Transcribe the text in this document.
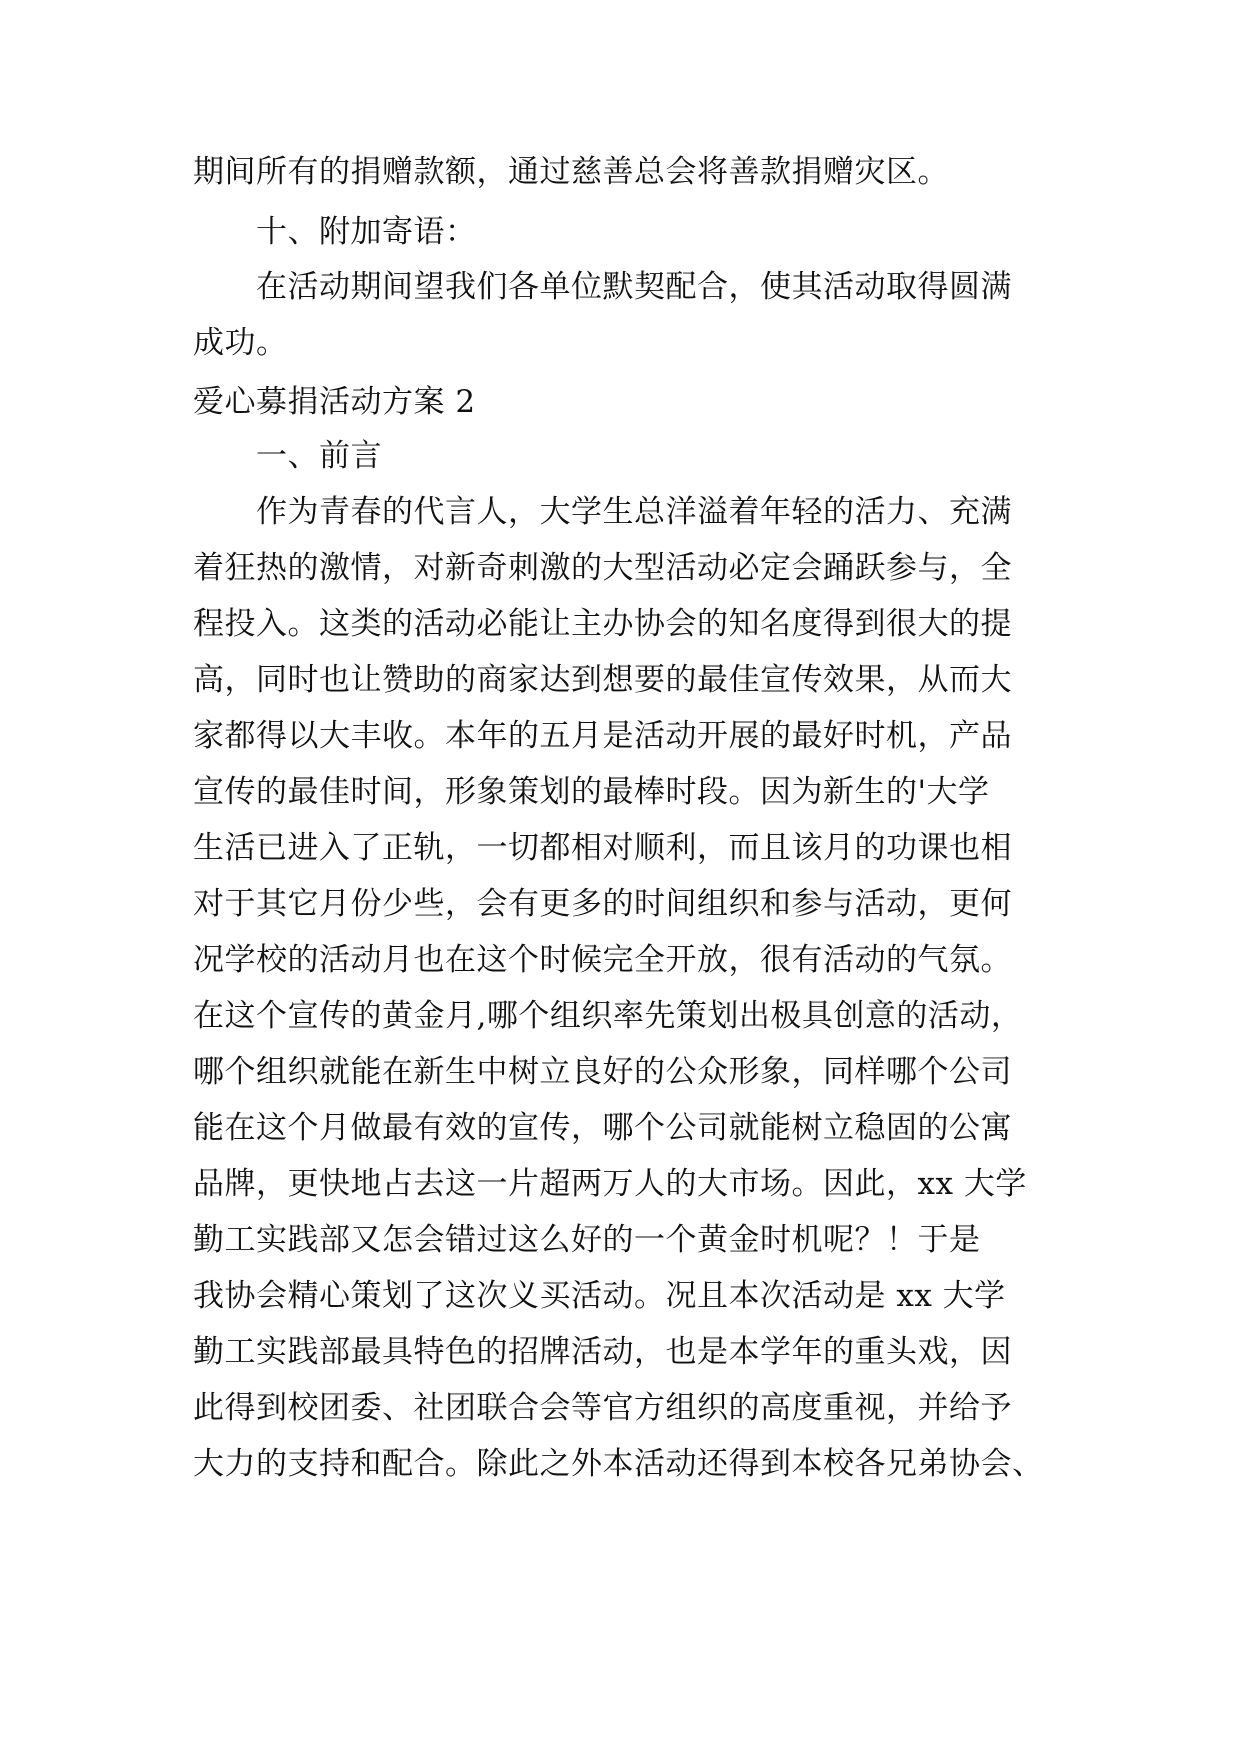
期间所有的捐赠款额，通过慈善总会将善款捐赠灾区。
十、附加寄语：
在活动期间望我们各单位默契配合，使其活动取得圆满
成功。
爱心募捐活动方案 2
一、前言
作为青春的代言人，大学生总洋溢着年轻的活力、充满
着狂热的激情，对新奇刺激的大型活动必定会踊跃参与，全
程投入。这类的活动必能让主办协会的知名度得到很大的提
高，同时也让赞助的商家达到想要的最佳宣传效果，从而大
家都得以大丰收。本年的五月是活动开展的最好时机，产品
宣传的最佳时间，形象策划的最棒时段。因为新生的'大学
生活已进入了正轨，一切都相对顺利，而且该月的功课也相
对于其它月份少些，会有更多的时间组织和参与活动，更何
况学校的活动月也在这个时候完全开放，很有活动的气氛。
在这个宣传的黄金月,哪个组织率先策划出极具创意的活动，
哪个组织就能在新生中树立良好的公众形象，同样哪个公司
能在这个月做最有效的宣传，哪个公司就能树立稳固的公寓
品牌，更快地占去这一片超两万人的大市场。因此，xx 大学
勤工实践部又怎会错过这么好的一个黄金时机呢？！于是
我协会精心策划了这次义买活动。况且本次活动是 xx 大学
勤工实践部最具特色的招牌活动，也是本学年的重头戏，因
此得到校团委、社团联合会等官方组织的高度重视，并给予
大力的支持和配合。除此之外本活动还得到本校各兄弟协会、
